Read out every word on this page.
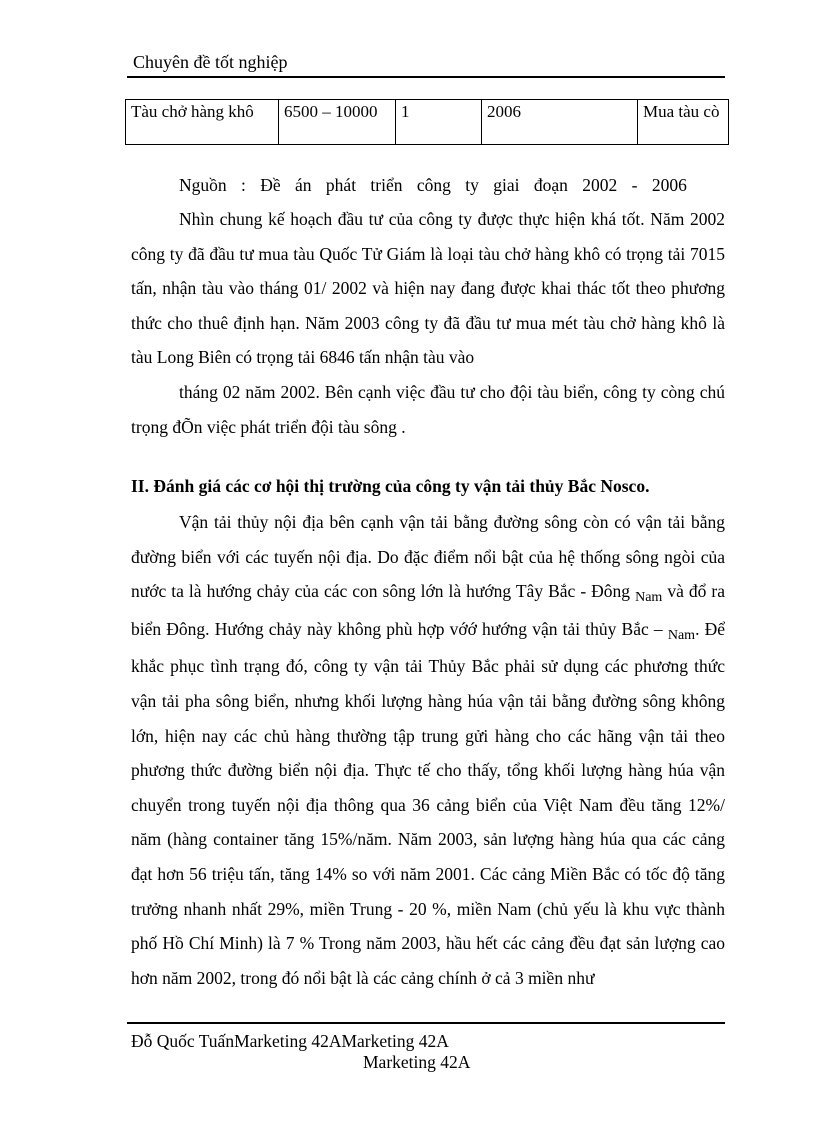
Chuyên đề tốt nghiệp
Tàu chở hàng khô	6500 – 10000	1	2006	Mua tàu cò
Nguồn : Đề án phát triển công ty giai đoạn 2002 - 2006

Nhìn chung kế hoạch đầu tư của công ty được thực hiện khá tốt. Năm 2002 công ty đã đầu tư mua tàu Quốc Tử Giám là loại tàu chở hàng khô có trọng tải 7015 tấn, nhận tàu vào tháng 01/ 2002 và hiện nay đang được khai thác tốt theo phương thức cho thuê định hạn. Năm 2003 công ty đã đầu tư mua mét tàu chở hàng khô là tàu Long Biên có trọng tải 6846 tấn nhận tàu vào

tháng 02 năm 2002. Bên cạnh việc đầu tư cho đội tàu biển, công ty còng chú trọng đÕn việc phát triển đội tàu sông .

II. Đánh giá các cơ hội thị trường của công ty vận tải thủy Bắc Nosco.

Vận tải thủy nội địa bên cạnh vận tải bằng đường sông còn có vận tải bằng đường biển với các tuyến nội địa. Do đặc điểm nổi bật của hệ thống sông ngòi của nước ta là hướng chảy của các con sông lớn là hướng Tây Bắc - Đông $_{Nam}$ và đổ ra biển Đông. Hướng chảy này không phù hợp vớớ hướng vận tải thủy Bắc – $_{Nam}$. Để khắc phục tình trạng đó, công ty vận tải Thủy Bắc phải sử dụng các phương thức vận tải pha sông biển, nhưng khối lượng hàng húa vận tải bằng đường sông không lớn, hiện nay các chủ hàng thường tập trung gửi hàng cho các hãng vận tải theo phương thức đường biển nội địa. Thực tế cho thấy, tổng khối lượng hàng húa vận chuyển trong tuyến nội địa thông qua 36 cảng biển của Việt Nam đều tăng 12%/ năm (hàng container tăng 15%/năm. Năm 2003, sản lượng hàng húa qua các cảng đạt hơn 56 triệu tấn, tăng 14% so với năm 2001. Các cảng Miền Bắc có tốc độ tăng trưởng nhanh nhất 29%, miền Trung - 20 %, miền Nam (chủ yếu là khu vực thành phố Hồ Chí Minh) là 7 % Trong năm 2003, hầu hết các cảng đều đạt sản lượng cao hơn năm 2002, trong đó nổi bật là các cảng chính ở cả 3 miền như

Đỗ Quốc TuấnMarketing 42AMarketing 42A
Marketing 42A
